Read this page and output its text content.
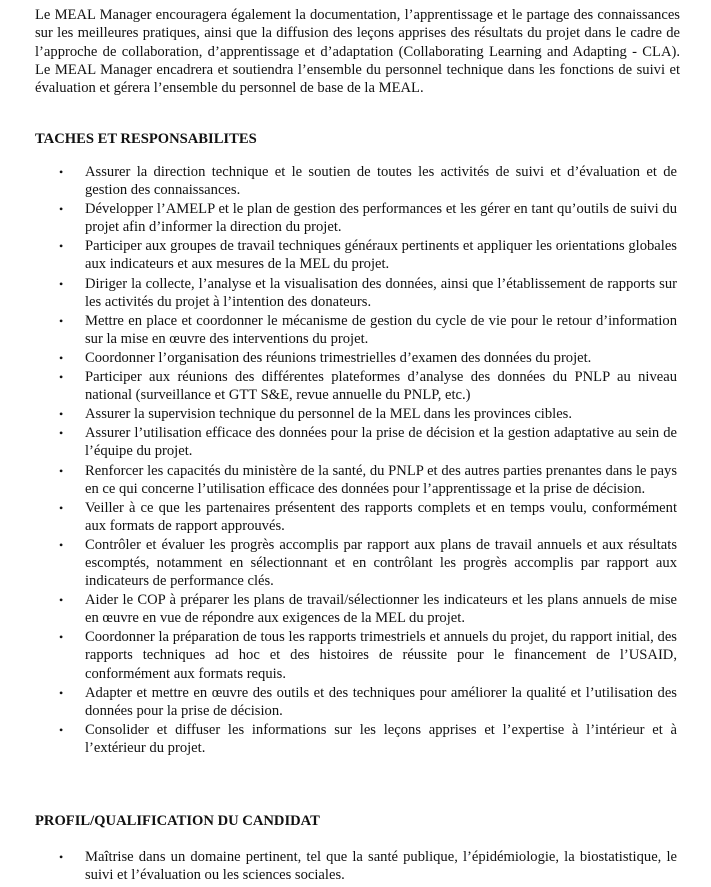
Le MEAL Manager encouragera également la documentation, l’apprentissage et le partage des connaissances sur les meilleures pratiques, ainsi que la diffusion des leçons apprises des résultats du projet dans le cadre de l’approche de collaboration, d’apprentissage et d’adaptation (Collaborating Learning and Adapting - CLA). Le MEAL Manager encadrera et soutiendra l’ensemble du personnel technique dans les fonctions de suivi et évaluation et gérera l’ensemble du personnel de base de la MEAL.

TACHES ET RESPONSABILITES
• Assurer la direction technique et le soutien de toutes les activités de suivi et d’évaluation et de gestion des connaissances.
• Développer l’AMELP et le plan de gestion des performances et les gérer en tant qu’outils de suivi du projet afin d’informer la direction du projet.
• Participer aux groupes de travail techniques généraux pertinents et appliquer les orientations globales aux indicateurs et aux mesures de la MEL du projet.
• Diriger la collecte, l’analyse et la visualisation des données, ainsi que l’établissement de rapports sur les activités du projet à l’intention des donateurs.
• Mettre en place et coordonner le mécanisme de gestion du cycle de vie pour le retour d’information sur la mise en œuvre des interventions du projet.
• Coordonner l’organisation des réunions trimestrielles d’examen des données du projet.
• Participer aux réunions des différentes plateformes d’analyse des données du PNLP au niveau national (surveillance et GTT S&E, revue annuelle du PNLP, etc.)
• Assurer la supervision technique du personnel de la MEL dans les provinces cibles.
• Assurer l’utilisation efficace des données pour la prise de décision et la gestion adaptative au sein de l’équipe du projet.
• Renforcer les capacités du ministère de la santé, du PNLP et des autres parties prenantes dans le pays en ce qui concerne l’utilisation efficace des données pour l’apprentissage et la prise de décision.
• Veiller à ce que les partenaires présentent des rapports complets et en temps voulu, conformément aux formats de rapport approuvés.
• Contrôler et évaluer les progrès accomplis par rapport aux plans de travail annuels et aux résultats escomptés, notamment en sélectionnant et en contrôlant les progrès accomplis par rapport aux indicateurs de performance clés.
• Aider le COP à préparer les plans de travail/sélectionner les indicateurs et les plans annuels de mise en œuvre en vue de répondre aux exigences de la MEL du projet.
• Coordonner la préparation de tous les rapports trimestriels et annuels du projet, du rapport initial, des rapports techniques ad hoc et des histoires de réussite pour le financement de l’USAID, conformément aux formats requis.
• Adapter et mettre en œuvre des outils et des techniques pour améliorer la qualité et l’utilisation des données pour la prise de décision.
• Consolider et diffuser les informations sur les leçons apprises et l’expertise à l’intérieur et à l’extérieur du projet.
PROFIL/QUALIFICATION DU CANDIDAT
• Maîtrise dans un domaine pertinent, tel que la santé publique, l’épidémiologie, la biostatistique, le suivi et l’évaluation ou les sciences sociales.
